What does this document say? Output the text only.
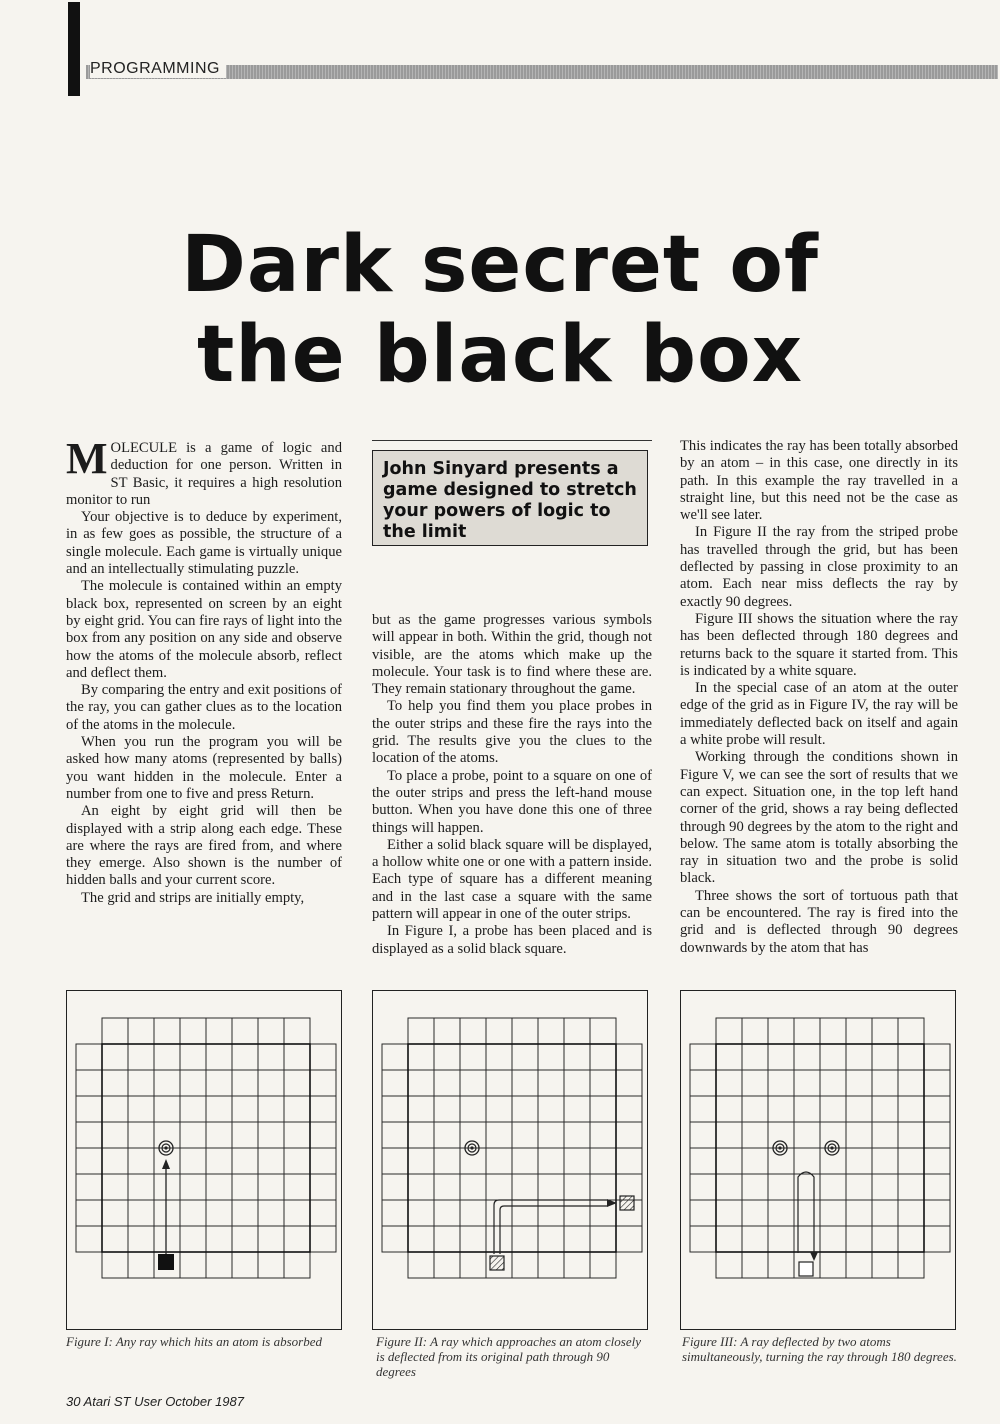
PROGRAMMING
Dark secret of
the black box

MOLECULE is a game of logic and deduction for one person. Written in ST Basic, it requires a high resolution monitor to run

Your objective is to deduce by experiment, in as few goes as possible, the structure of a single molecule. Each game is virtually unique and an intellectually stimulating puzzle.

The molecule is contained within an empty black box, represented on screen by an eight by eight grid. You can fire rays of light into the box from any position on any side and observe how the atoms of the molecule absorb, reflect and deflect them.

By comparing the entry and exit positions of the ray, you can gather clues as to the location of the atoms in the molecule.

When you run the program you will be asked how many atoms (represented by balls) you want hidden in the molecule. Enter a number from one to five and press Return.

An eight by eight grid will then be displayed with a strip along each edge. These are where the rays are fired from, and where they emerge. Also shown is the number of hidden balls and your current score.

The grid and strips are initially empty,

John Sinyard presents a game designed to stretch your powers of logic to the limit

but as the game progresses various symbols will appear in both. Within the grid, though not visible, are the atoms which make up the molecule. Your task is to find where these are. They remain stationary throughout the game.

To help you find them you place probes in the outer strips and these fire the rays into the grid. The results give you the clues to the location of the atoms.

To place a probe, point to a square on one of the outer strips and press the left-hand mouse button. When you have done this one of three things will happen.

Either a solid black square will be displayed, a hollow white one or one with a pattern inside. Each type of square has a different meaning and in the last case a square with the same pattern will appear in one of the outer strips.

In Figure I, a probe has been placed and is displayed as a solid black square.

This indicates the ray has been totally absorbed by an atom – in this case, one directly in its path. In this example the ray travelled in a straight line, but this need not be the case as we'll see later.

In Figure II the ray from the striped probe has travelled through the grid, but has been deflected by passing in close proximity to an atom. Each near miss deflects the ray by exactly 90 degrees.

Figure III shows the situation where the ray has been deflected through 180 degrees and returns back to the square it started from. This is indicated by a white square.

In the special case of an atom at the outer edge of the grid as in Figure IV, the ray will be immediately deflected back on itself and again a white probe will result.

Working through the conditions shown in Figure V, we can see the sort of results that we can expect. Situation one, in the top left hand corner of the grid, shows a ray being deflected through 90 degrees by the atom to the right and below. The same atom is totally absorbing the ray in situation two and the probe is solid black.

Three shows the sort of tortuous path that can be encountered. The ray is fired into the grid and is deflected through 90 degrees downwards by the atom that has

Figure I: Any ray which hits an atom is absorbed	Figure II: A ray which approaches an atom closely is deflected from its original path through 90 degrees
Figure III: A ray deflected by two atoms simultaneously, turning the ray through 180 degrees.
30 Atari ST User October 1987
